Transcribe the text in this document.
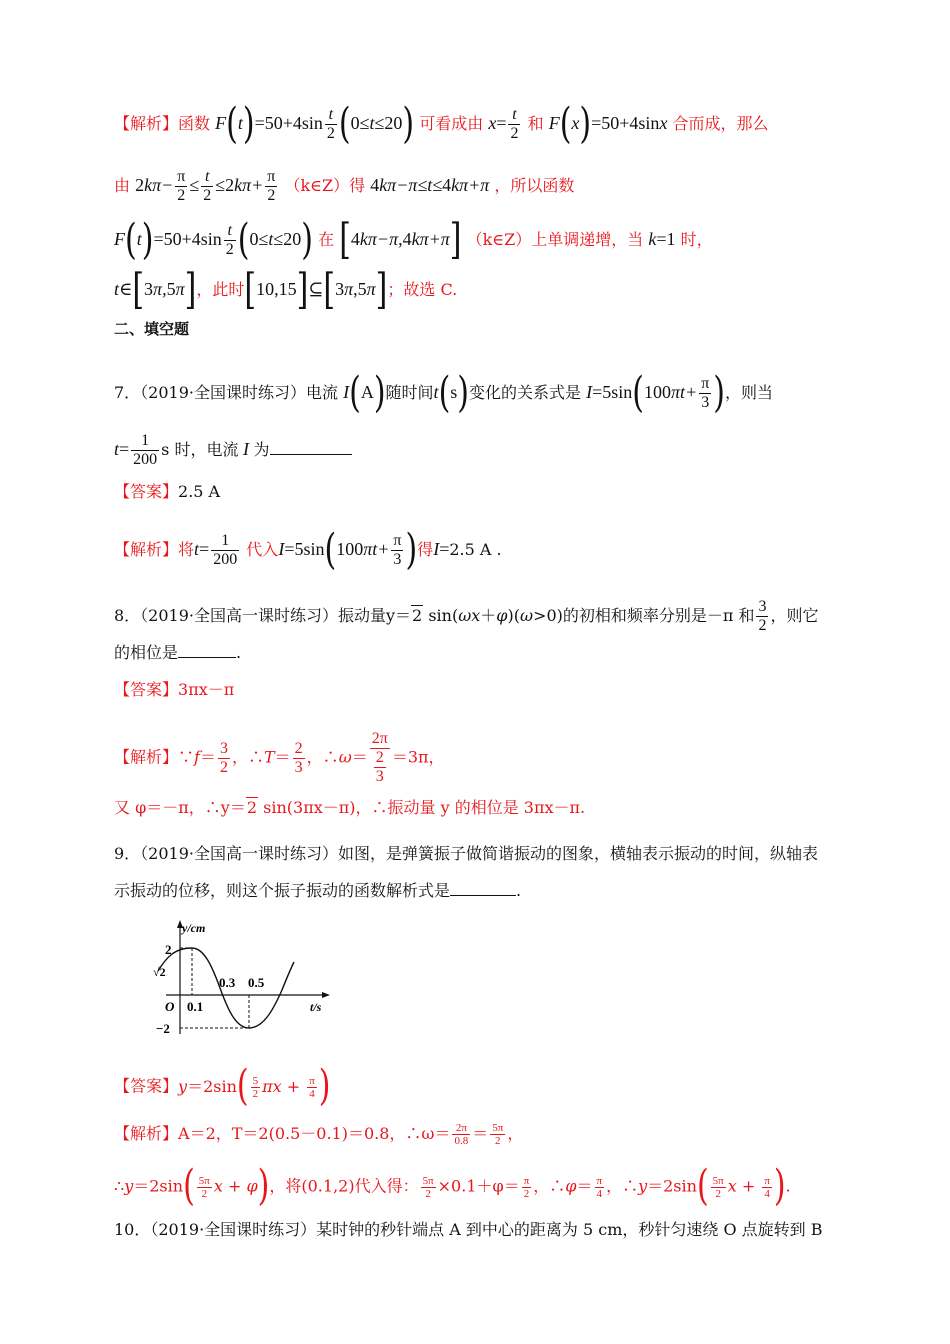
【解析】函数 $F(t)=50+4\sin \frac{t}{2} (0\le t\le 20)$ 可看成由 $x= \frac{t}{2}$ 和 F(x)=50+4sinx 合而成，那么
由 $2k\pi- \frac{\pi}{2} \le \frac{t}{2} \le 2k\pi+ \frac{\pi}{2}$ （k∈Z）得 4kπ−π≤t≤4kπ+π ，所以函数
$F(t)=50+4\sin \frac{t}{2} (0\le t\le 20)$ 在 [4kπ−π,4kπ+π] （k∈Z）上单调递增，当 k=1 时，
t∈[3π,5π]，此时[10,15]⊆[3π,5π]；故选 C.
二、填空题
7．（2019·全国课时练习）电流 I(A)随时间t(s)变化的关系式是 $I=5\sin(100\pi t+ \frac{\pi}{3}$ )，则当
$t= \frac{1}{200}$ s 时，电流 I 为
【答案】2.5 A
【解析】将$t= \frac{1}{200}$ 代入$I=5\sin(100\pi t+ \frac{\pi}{3}$ )得I=2.5 A .
8．（2019·全国高一课时练习）振动量y＝2 sin(ωx＋φ)(ω>0)的初相和频率分别是－π 和 $\frac{3}{2}$ ，则它
的相位是	.
【答案】3πx－π
【解析】∵f＝ $\frac{3}{2}$ ，∴T＝ $\frac{2}{3}$ ，∴ω＝ $\frac{2\pi}{\frac{2}{3}} =3\pi$，
又 φ＝－π，∴y＝2 sin(3πx－π)，∴振动量 y 的相位是 3πx－π.
9．（2019·全国高一课时练习）如图，是弹簧振子做简谐振动的图象，横轴表示振动的时间，纵轴表
示振动的位移，则这个振子振动的函数解析式是	.
y/cm
2
√2
O 0.1
0.3 0.5
t/s
−2
【答案】$y=2\sin( \frac{5}{2}$ $\pi x + \frac{\pi}{4}$ )
【解析】A＝2，T＝2(0.5－0.1)＝0.8，∴ω＝ $\frac{2\pi}{0.8} = \frac{5\pi}{2}$ ，
∴y＝2sin( $\frac{5\pi}{2}$ x + φ)，将(0.1,2)代入得： $\frac{5\pi}{2} \times 0.1+\varphi= \frac{\pi}{2}$ ，∴φ＝ $\frac{\pi}{4}$ ，∴y＝2sin( $\frac{5\pi}{2}$ $x + \frac{\pi}{4}$ ).
10．（2019·全国课时练习）某时钟的秒针端点 A 到中心的距离为 5 cm，秒针匀速绕 O 点旋转到 B
